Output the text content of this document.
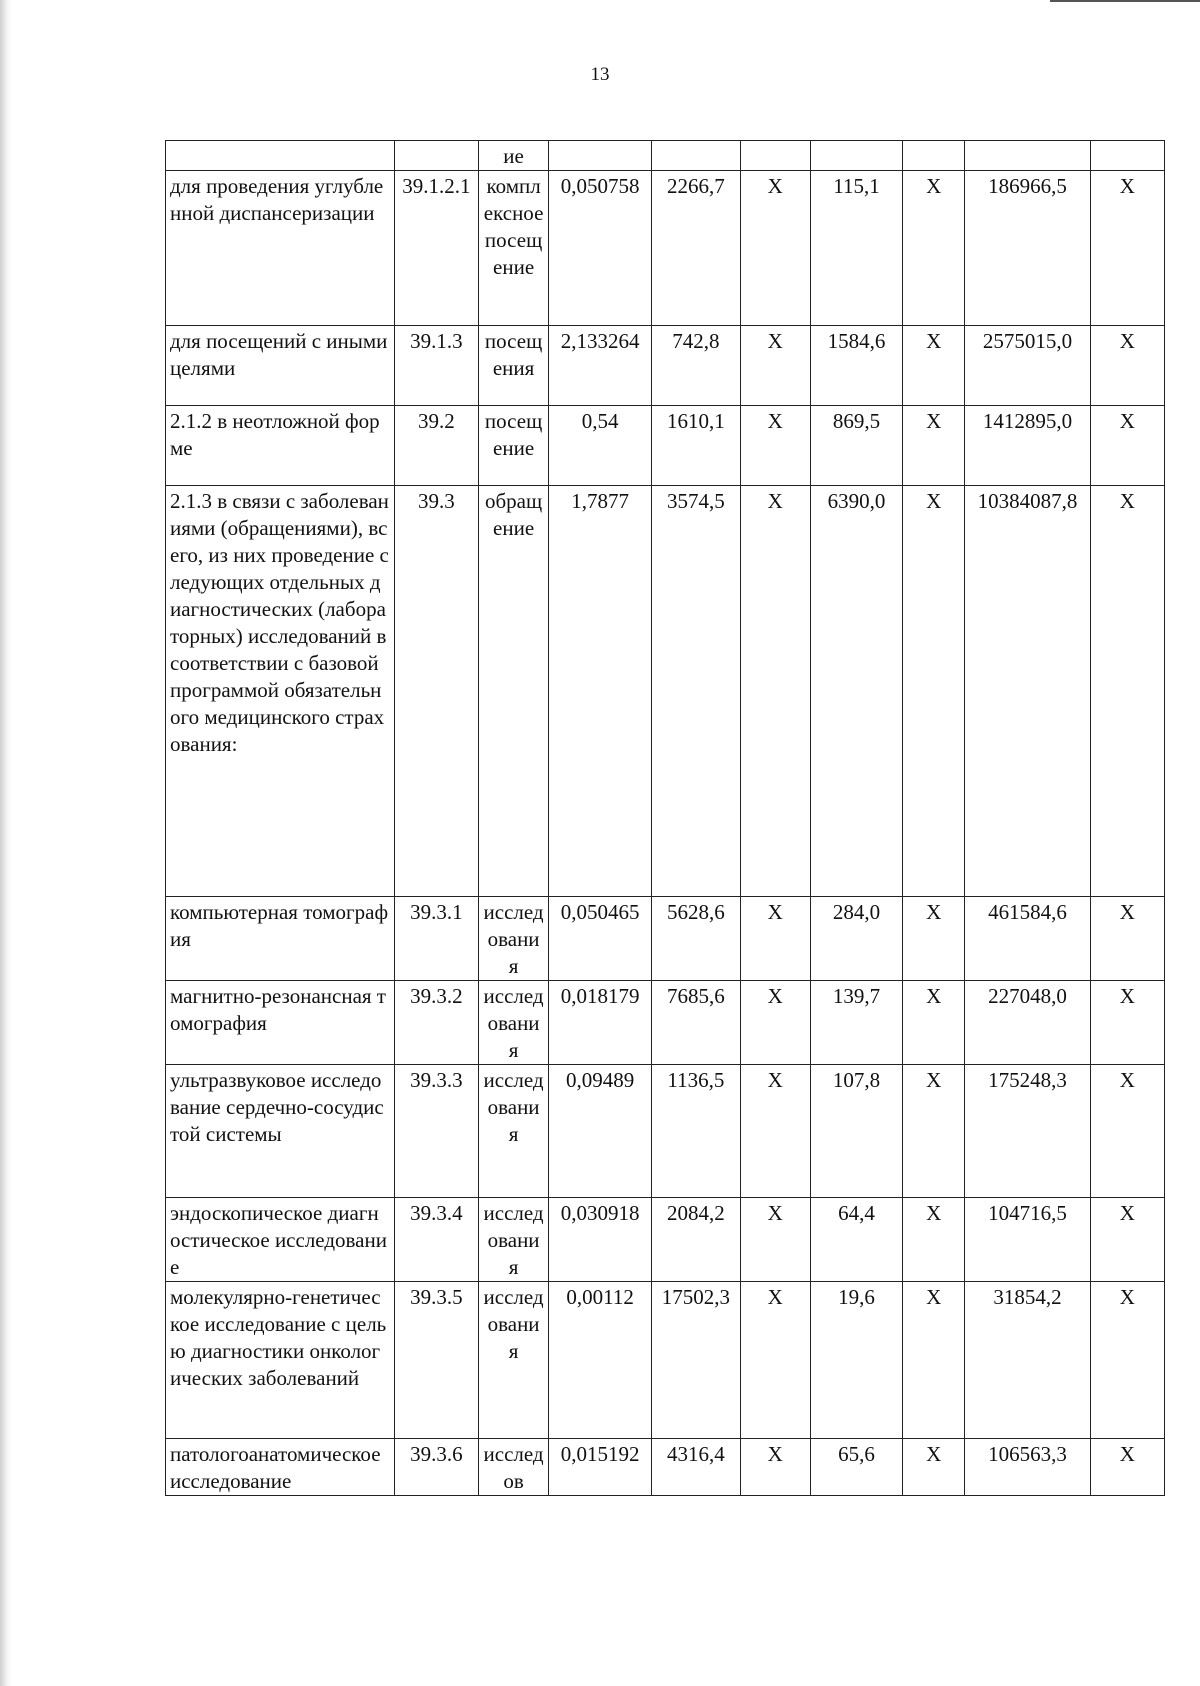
13
		ие							
для проведения углубленной диспансеризации	39.1.2.1	комплексное посещение	0,050758	2266,7	X	115,1	X	186966,5	X
для посещений с иными целями	39.1.3	посещения	2,133264	742,8	X	1584,6	X	2575015,0	X
2.1.2 в неотложной форме	39.2	посещение	0,54	1610,1	X	869,5	X	1412895,0	X
2.1.3 в связи с заболеваниями (обращениями), всего, из них проведение следующих отдельных диагностических (лабораторных) исследований в соответствии с базовой программой обязательного медицинского страхования:	39.3	обращение	1,7877	3574,5	X	6390,0	X	10384087,8	X
компьютерная томография	39.3.1	исследования	0,050465	5628,6	X	284,0	X	461584,6	X
магнитно-резонансная томография	39.3.2	исследования	0,018179	7685,6	X	139,7	X	227048,0	X
ультразвуковое исследование сердечно-сосудистой системы	39.3.3	исследования	0,09489	1136,5	X	107,8	X	175248,3	X
эндоскопическое диагностическое исследование	39.3.4	исследования	0,030918	2084,2	X	64,4	X	104716,5	X
молекулярно-генетическое исследование с целью диагностики онкологических заболеваний	39.3.5	исследования	0,00112	17502,3	X	19,6	X	31854,2	X
патологоанатомическое исследование	39.3.6	исследов	0,015192	4316,4	X	65,6	X	106563,3	X
